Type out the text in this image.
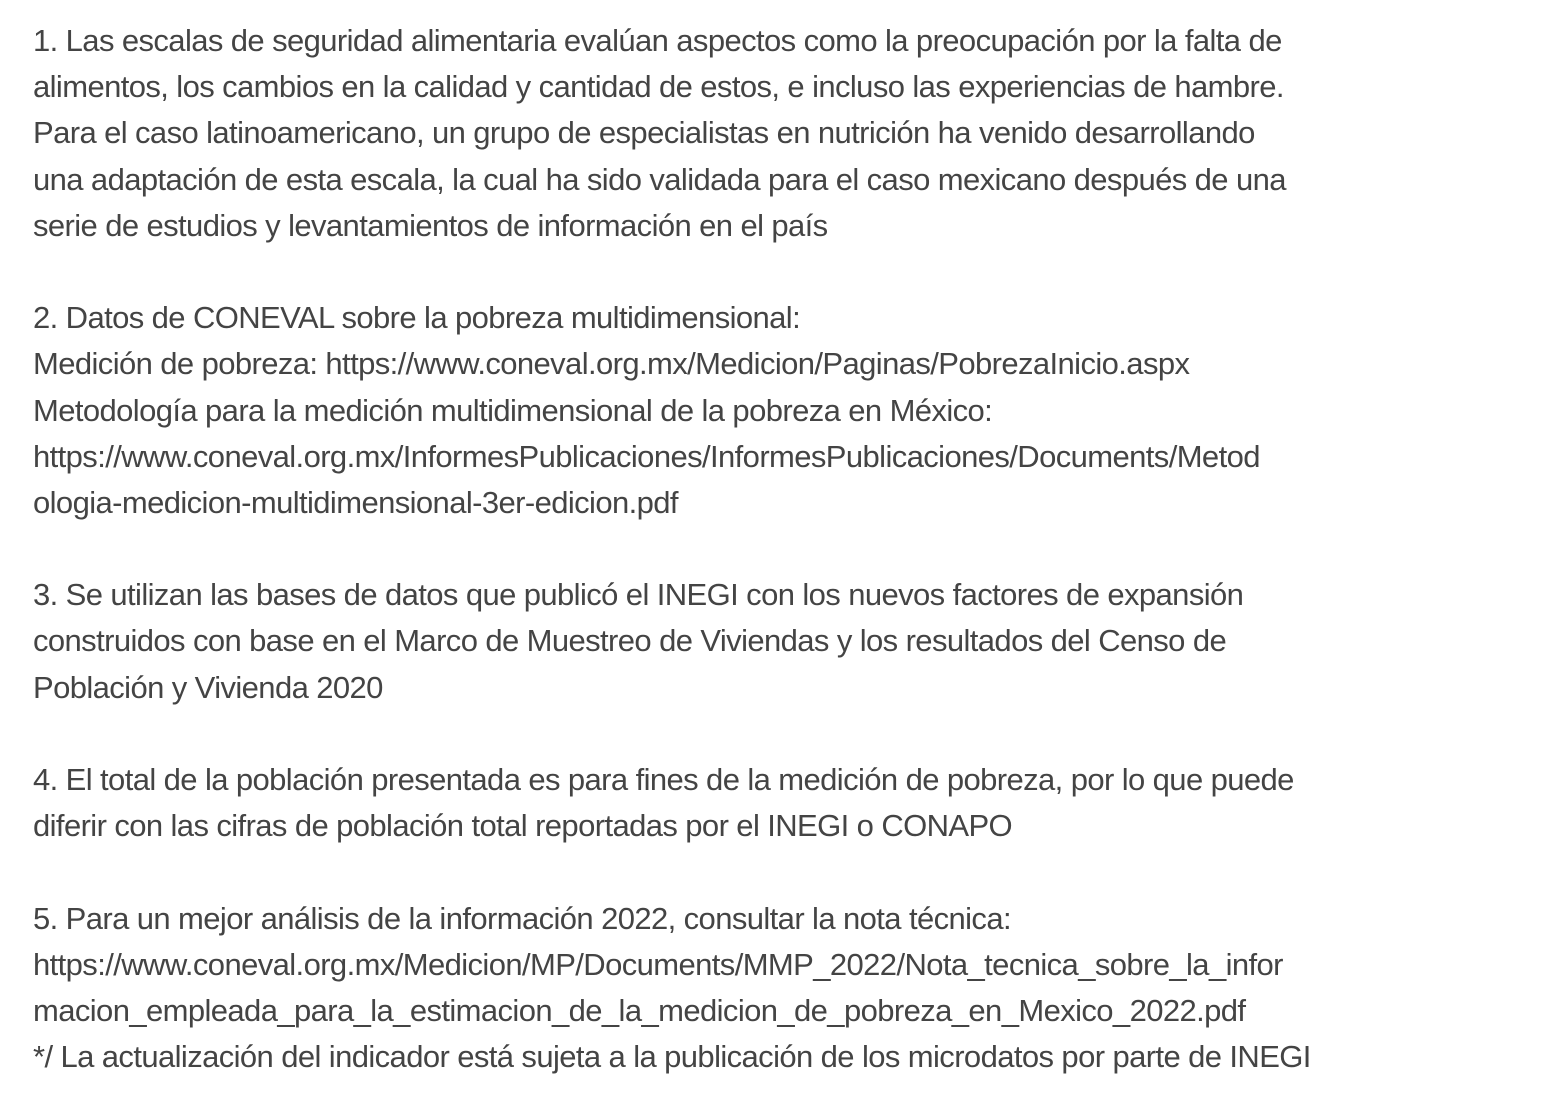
1. Las escalas de seguridad alimentaria evalúan aspectos como la preocupación por la falta de
alimentos, los cambios en la calidad y cantidad de estos, e incluso las experiencias de hambre.
Para el caso latinoamericano, un grupo de especialistas en nutrición ha venido desarrollando
una adaptación de esta escala, la cual ha sido validada para el caso mexicano después de una
serie de estudios y levantamientos de información en el país
2. Datos de CONEVAL sobre la pobreza multidimensional:
Medición de pobreza: https://www.coneval.org.mx/Medicion/Paginas/PobrezaInicio.aspx
Metodología para la medición multidimensional de la pobreza en México:
https://www.coneval.org.mx/InformesPublicaciones/InformesPublicaciones/Documents/Metod
ologia-medicion-multidimensional-3er-edicion.pdf
3. Se utilizan las bases de datos que publicó el INEGI con los nuevos factores de expansión
construidos con base en el Marco de Muestreo de Viviendas y los resultados del Censo de
Población y Vivienda 2020
4. El total de la población presentada es para fines de la medición de pobreza, por lo que puede
diferir con las cifras de población total reportadas por el INEGI o CONAPO
5. Para un mejor análisis de la información 2022, consultar la nota técnica:
https://www.coneval.org.mx/Medicion/MP/Documents/MMP_2022/Nota_tecnica_sobre_la_infor
macion_empleada_para_la_estimacion_de_la_medicion_de_pobreza_en_Mexico_2022.pdf
*/ La actualización del indicador está sujeta a la publicación de los microdatos por parte de INEGI
